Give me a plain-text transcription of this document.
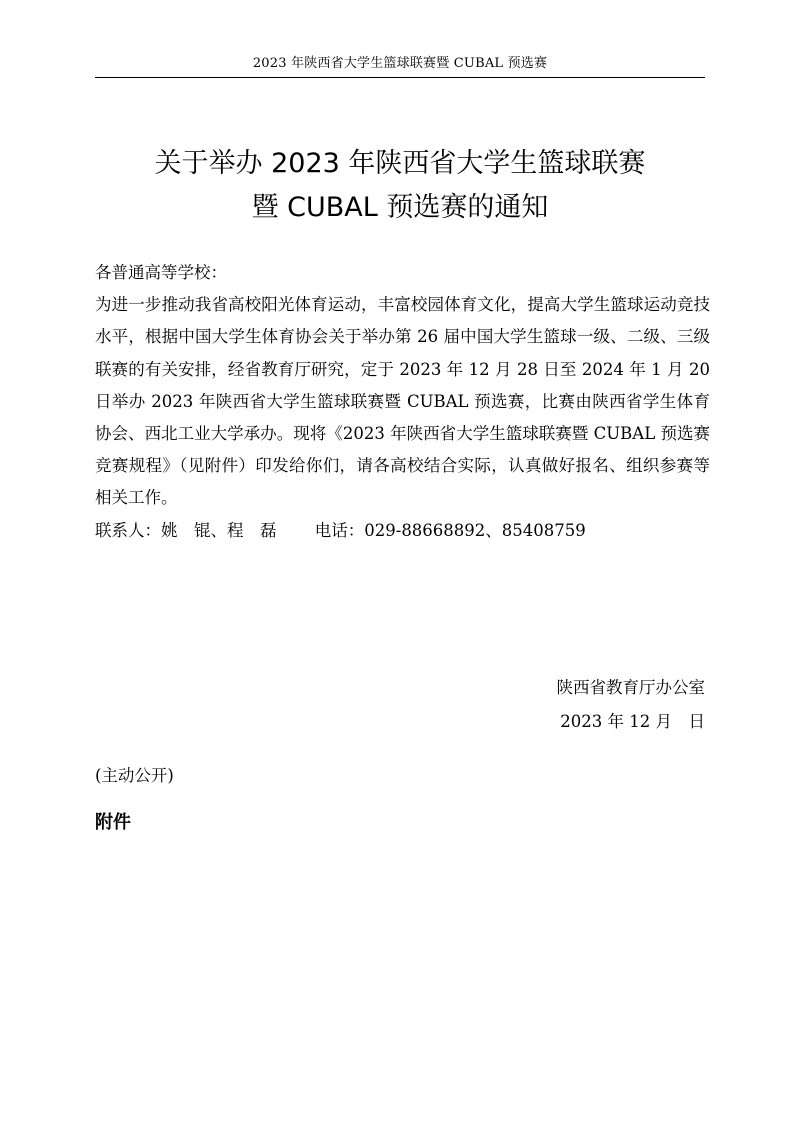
2023 年陕西省大学生篮球联赛暨 CUBAL 预选赛
关于举办 2023 年陕西省大学生篮球联赛
暨 CUBAL 预选赛的通知

各普通高等学校：

为进一步推动我省高校阳光体育运动，丰富校园体育文化，提高大学生篮球运动竞技水平，根据中国大学生体育协会关于举办第 26 届中国大学生篮球一级、二级、三级联赛的有关安排，经省教育厅研究，定于 2023 年 12 月 28 日至 2024 年 1 月 20 日举办 2023 年陕西省大学生篮球联赛暨 CUBAL 预选赛，比赛由陕西省学生体育协会、西北工业大学承办。现将《2023 年陕西省大学生篮球联赛暨 CUBAL 预选赛竞赛规程》（见附件）印发给你们，请各高校结合实际，认真做好报名、组织参赛等相关工作。

联系人：姚　锟、程　磊　　 电话：029-88668892、85408759

陕西省教育厅办公室
2023 年 12 月　日
(主动公开)
附件
